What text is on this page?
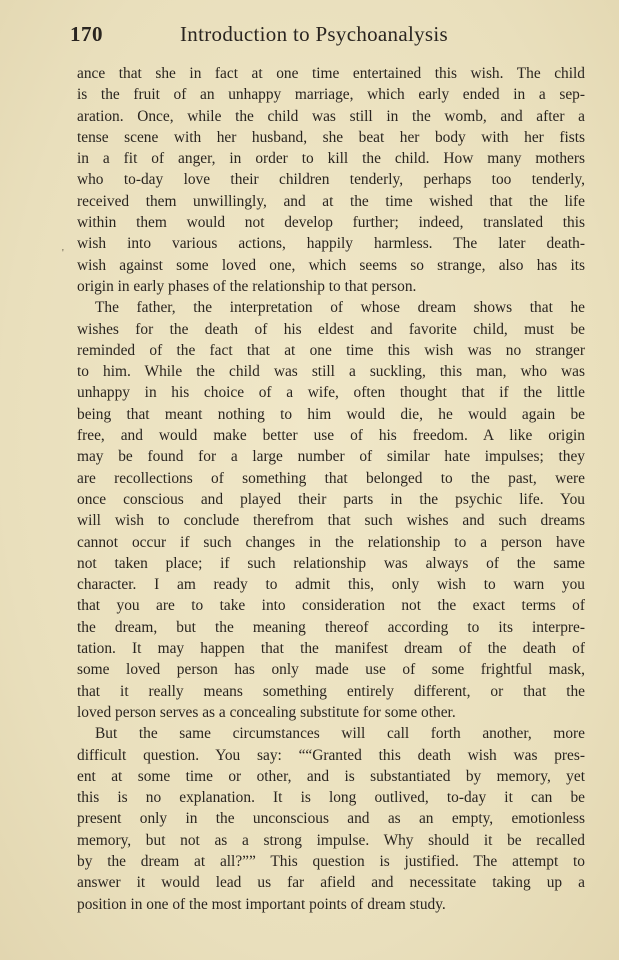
170	Introduction to Psychoanalysis
'
ance that she in fact at one time entertained this wish. The child
is the fruit of an unhappy marriage, which early ended in a sep-
aration. Once, while the child was still in the womb, and after a
tense scene with her husband, she beat her body with her fists
in a fit of anger, in order to kill the child. How many mothers
who to-day love their children tenderly, perhaps too tenderly,
received them unwillingly, and at the time wished that the life
within them would not develop further; indeed, translated this
wish into various actions, happily harmless. The later death-
wish against some loved one, which seems so strange, also has its
origin in early phases of the relationship to that person.
The father, the interpretation of whose dream shows that he
wishes for the death of his eldest and favorite child, must be
reminded of the fact that at one time this wish was no stranger
to him. While the child was still a suckling, this man, who was
unhappy in his choice of a wife, often thought that if the little
being that meant nothing to him would die, he would again be
free, and would make better use of his freedom. A like origin
may be found for a large number of similar hate impulses; they
are recollections of something that belonged to the past, were
once conscious and played their parts in the psychic life. You
will wish to conclude therefrom that such wishes and such dreams
cannot occur if such changes in the relationship to a person have
not taken place; if such relationship was always of the same
character. I am ready to admit this, only wish to warn you
that you are to take into consideration not the exact terms of
the dream, but the meaning thereof according to its interpre-
tation. It may happen that the manifest dream of the death of
some loved person has only made use of some frightful mask,
that it really means something entirely different, or that the
loved person serves as a concealing substitute for some other.
But the same circumstances will call forth another, more
difficult question. You say: ““Granted this death wish was pres-
ent at some time or other, and is substantiated by memory, yet
this is no explanation. It is long outlived, to-day it can be
present only in the unconscious and as an empty, emotionless
memory, but not as a strong impulse. Why should it be recalled
by the dream at all?”” This question is justified. The attempt to
answer it would lead us far afield and necessitate taking up a
position in one of the most important points of dream study.
